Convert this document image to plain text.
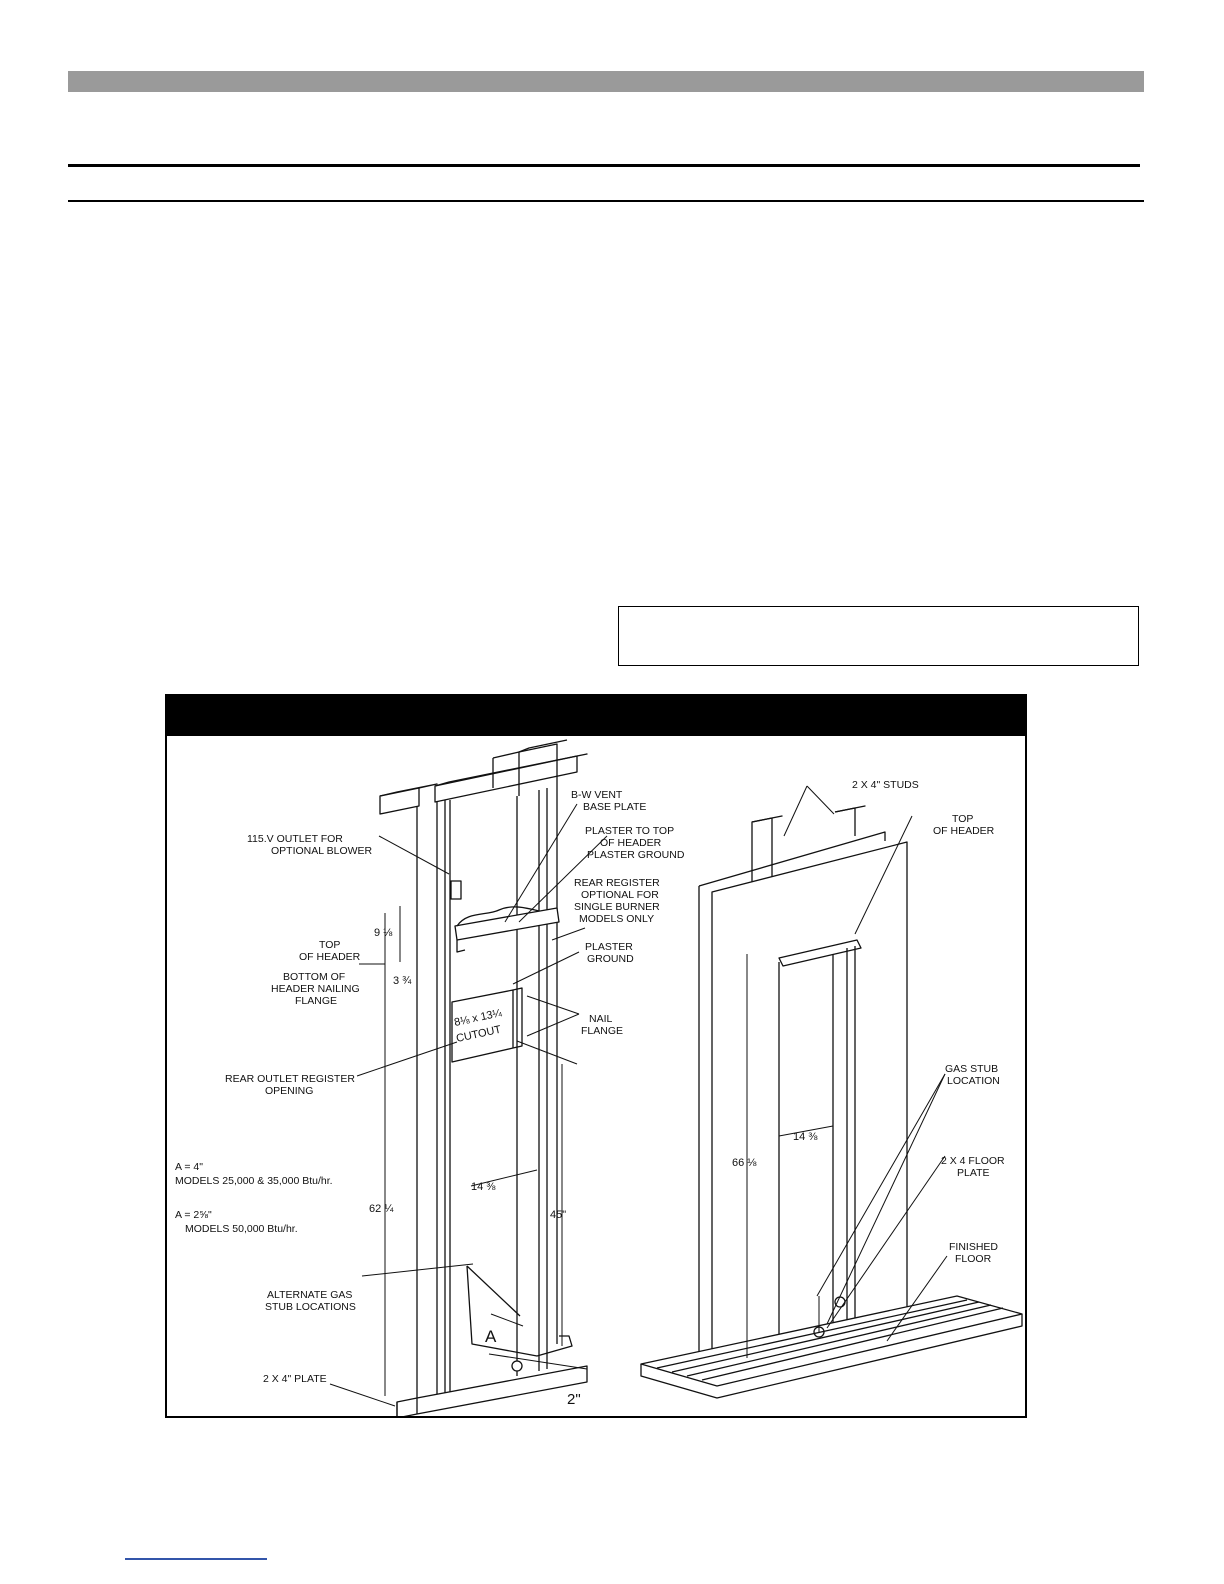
B-W VENT
BASE PLATE
PLASTER TO TOP
OF HEADER
PLASTER GROUND
REAR REGISTER
OPTIONAL FOR
SINGLE BURNER
MODELS ONLY
PLASTER
GROUND
NAIL
FLANGE
115.V OUTLET FOR
OPTIONAL BLOWER
TOP
OF HEADER
BOTTOM OF
HEADER NAILING
FLANGE
REAR OUTLET REGISTER
OPENING
A = 4"
MODELS 25,000 & 35,000 Btu/hr.
A = 2⅝"
MODELS 50,000 Btu/hr.
ALTERNATE GAS
STUB LOCATIONS
2 X 4" PLATE
8⅛ x 13¼
CUTOUT
9 ⅛
3 ¾
62 ¼
14 ⅜
45"
A
2"
2 X 4" STUDS
TOP
OF HEADER
GAS STUB
LOCATION
2 X 4 FLOOR
PLATE
FINISHED
FLOOR
66 ⅛
14 ⅜
